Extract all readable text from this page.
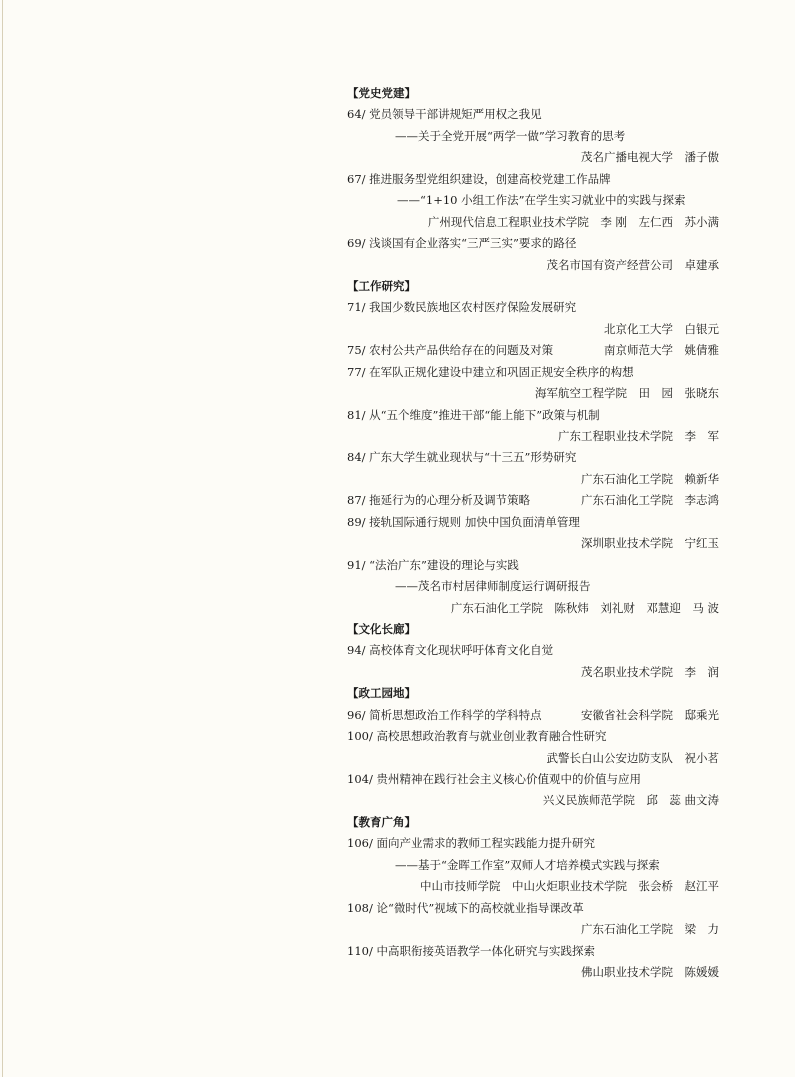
【党史党建】
64/ 党员领导干部讲规矩严用权之我见
——关于全党开展“两学一做”学习教育的思考
茂名广播电视大学　潘子傲
67/ 推进服务型党组织建设，创建高校党建工作品牌
——“1+10 小组工作法”在学生实习就业中的实践与探索
广州现代信息工程职业技术学院　李 刚　左仁西　苏小满
69/ 浅谈国有企业落实“三严三实”要求的路径
茂名市国有资产经营公司　卓建承
【工作研究】
71/ 我国少数民族地区农村医疗保险发展研究
北京化工大学　白银元
75/ 农村公共产品供给存在的问题及对策	南京师范大学　姚倩雅
77/ 在军队正规化建设中建立和巩固正规安全秩序的构想
海军航空工程学院　田　园　张晓东
81/ 从“五个维度”推进干部“能上能下”政策与机制
广东工程职业技术学院　李　军
84/ 广东大学生就业现状与“十三五”形势研究
广东石油化工学院　赖新华
87/ 拖延行为的心理分析及调节策略	广东石油化工学院　李志鸿
89/ 接轨国际通行规则 加快中国负面清单管理
深圳职业技术学院　宁红玉
91/ “法治广东”建设的理论与实践
——茂名市村居律师制度运行调研报告
广东石油化工学院　陈秋炜　刘礼财　邓慧迎　马 波
【文化长廊】
94/ 高校体育文化现状呼吁体育文化自觉
茂名职业技术学院　李　润
【政工园地】
96/ 简析思想政治工作科学的学科特点	安徽省社会科学院　邸乘光
100/ 高校思想政治教育与就业创业教育融合性研究
武警长白山公安边防支队　祝小茗
104/ 贵州精神在践行社会主义核心价值观中的价值与应用
兴义民族师范学院　邱　蕊 曲文涛
【教育广角】
106/ 面向产业需求的教师工程实践能力提升研究
——基于“金晖工作室”双师人才培养模式实践与探索
中山市技师学院　中山火炬职业技术学院　张会桥　赵江平
108/ 论“微时代”视域下的高校就业指导课改革
广东石油化工学院　梁　力
110/ 中高职衔接英语教学一体化研究与实践探索
佛山职业技术学院　陈媛媛
